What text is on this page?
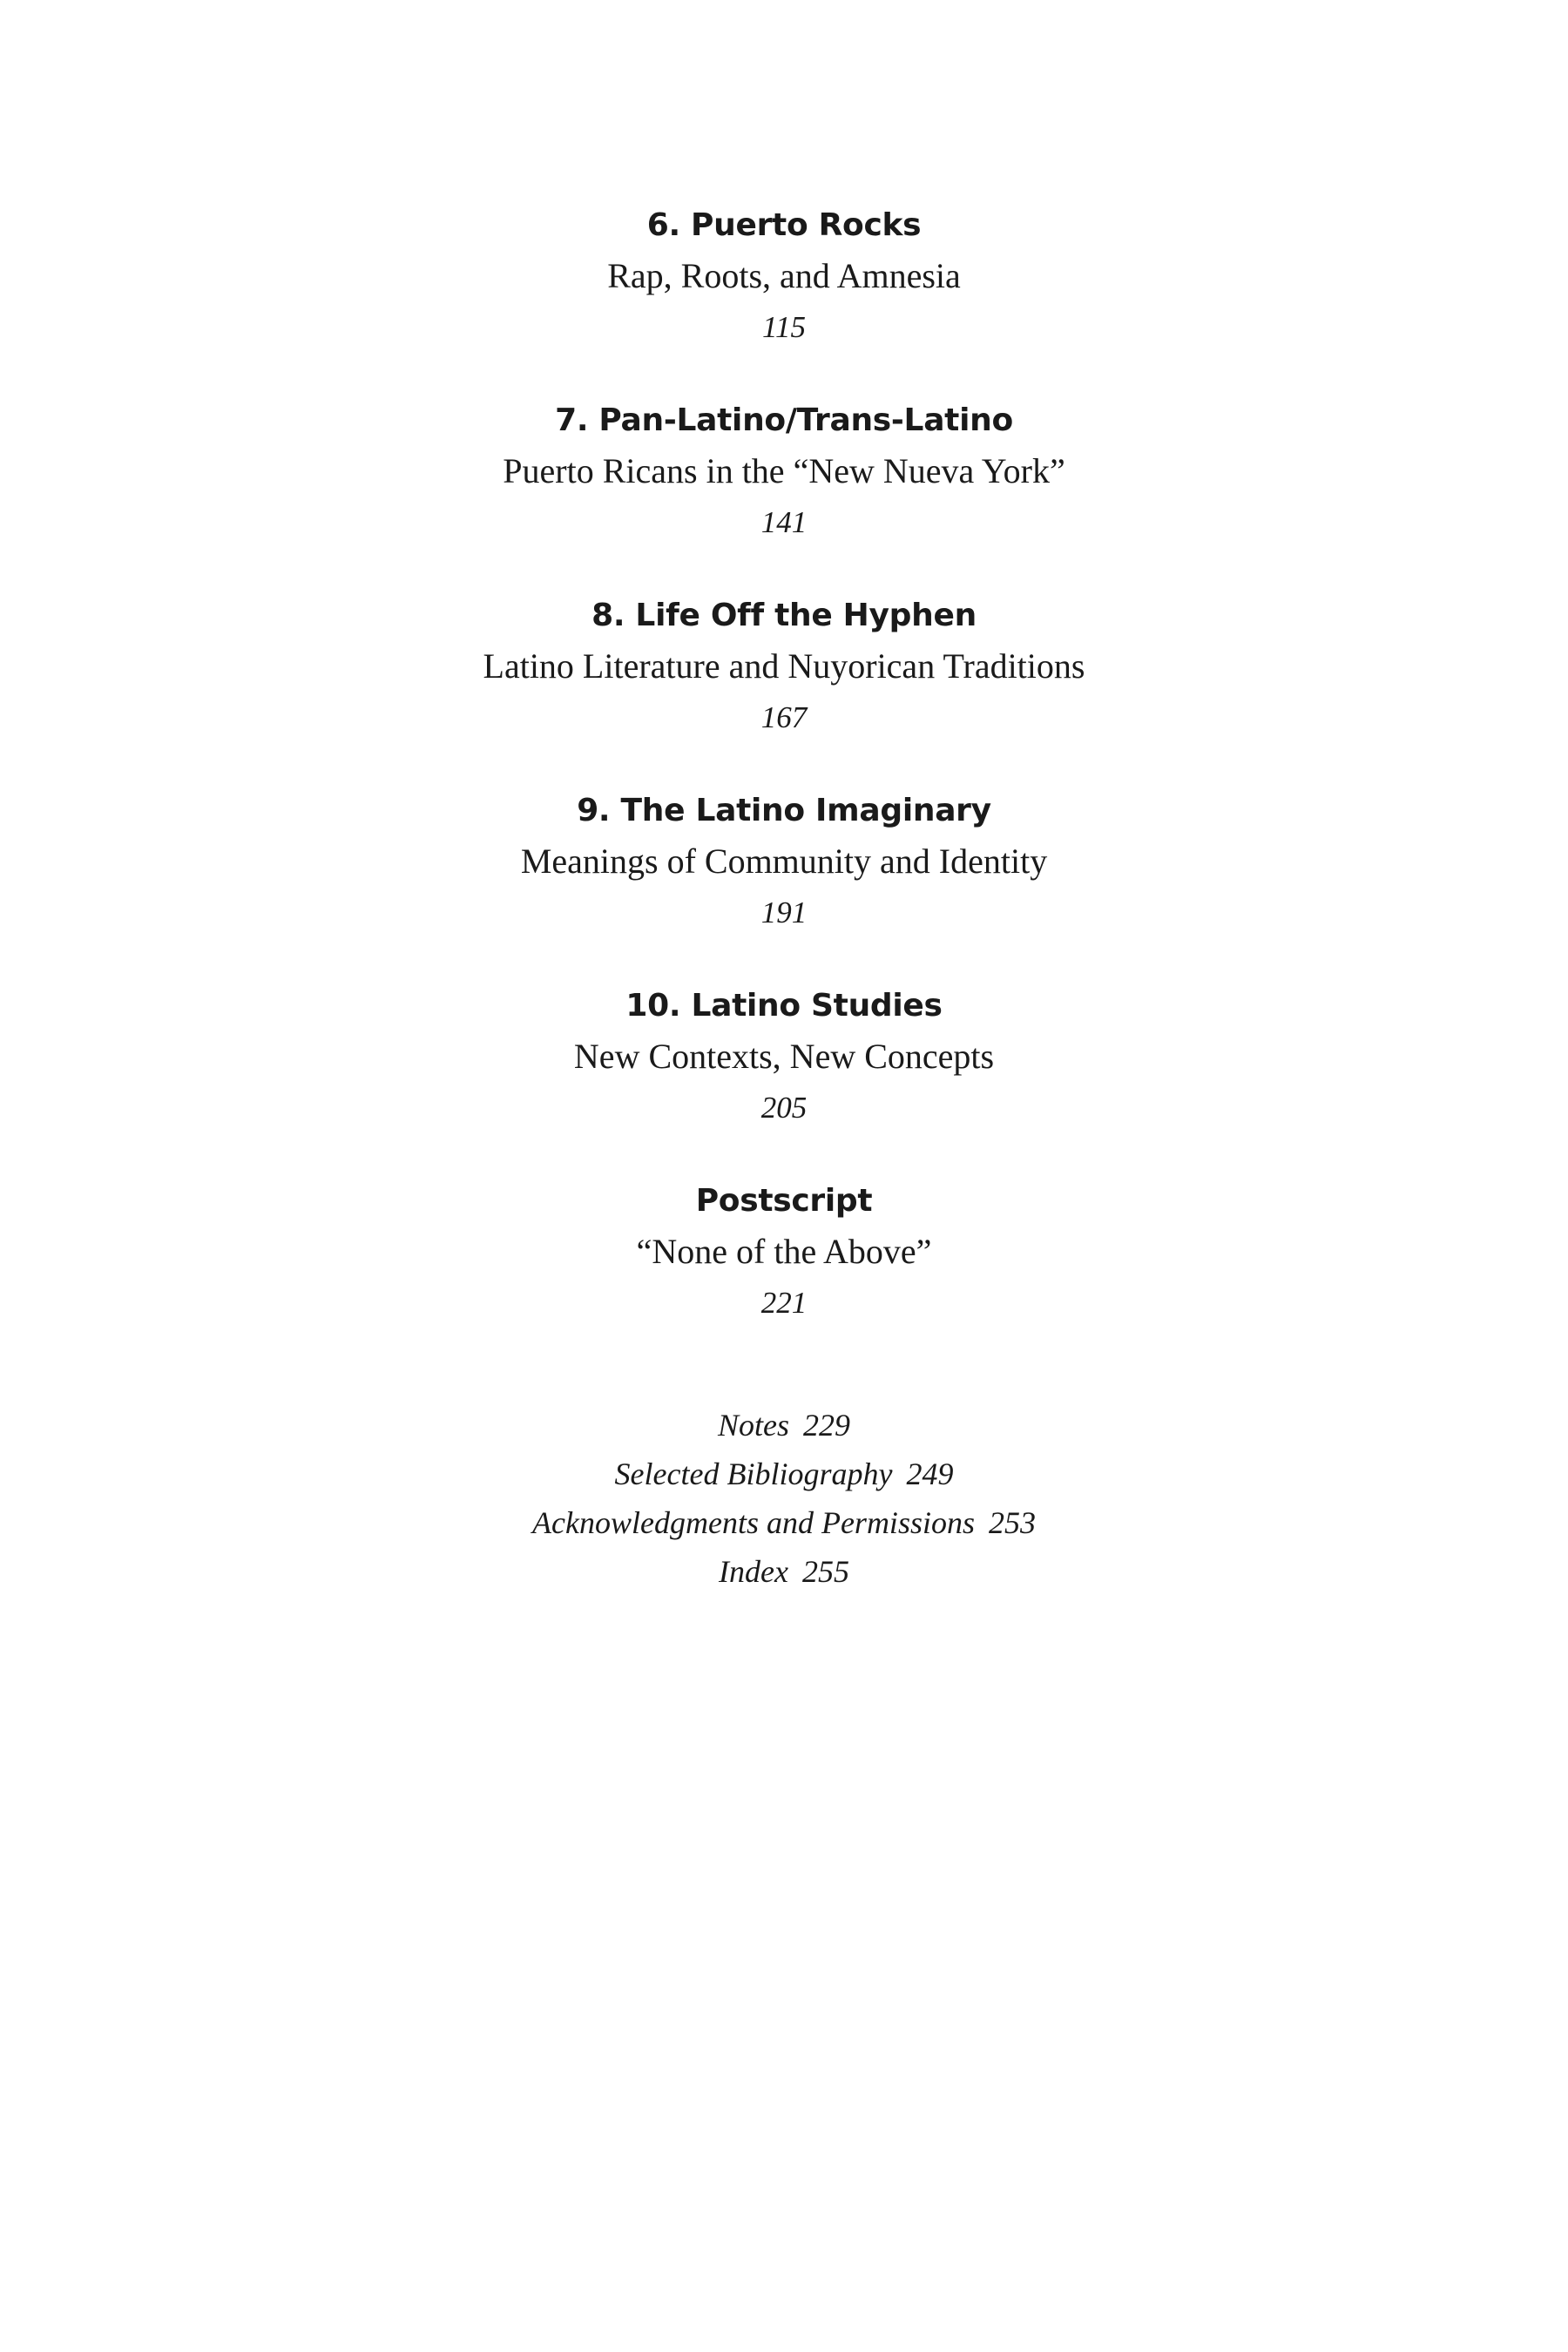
6. Puerto Rocks

Rap, Roots, and Amnesia

115

7. Pan-Latino/Trans-Latino

Puerto Ricans in the “New Nueva York”

141

8. Life Off the Hyphen

Latino Literature and Nuyorican Traditions

167

9. The Latino Imaginary

Meanings of Community and Identity

191

10. Latino Studies

New Contexts, New Concepts

205

Postscript

“None of the Above”

221

Notes 229

Selected Bibliography 249

Acknowledgments and Permissions 253

Index 255
